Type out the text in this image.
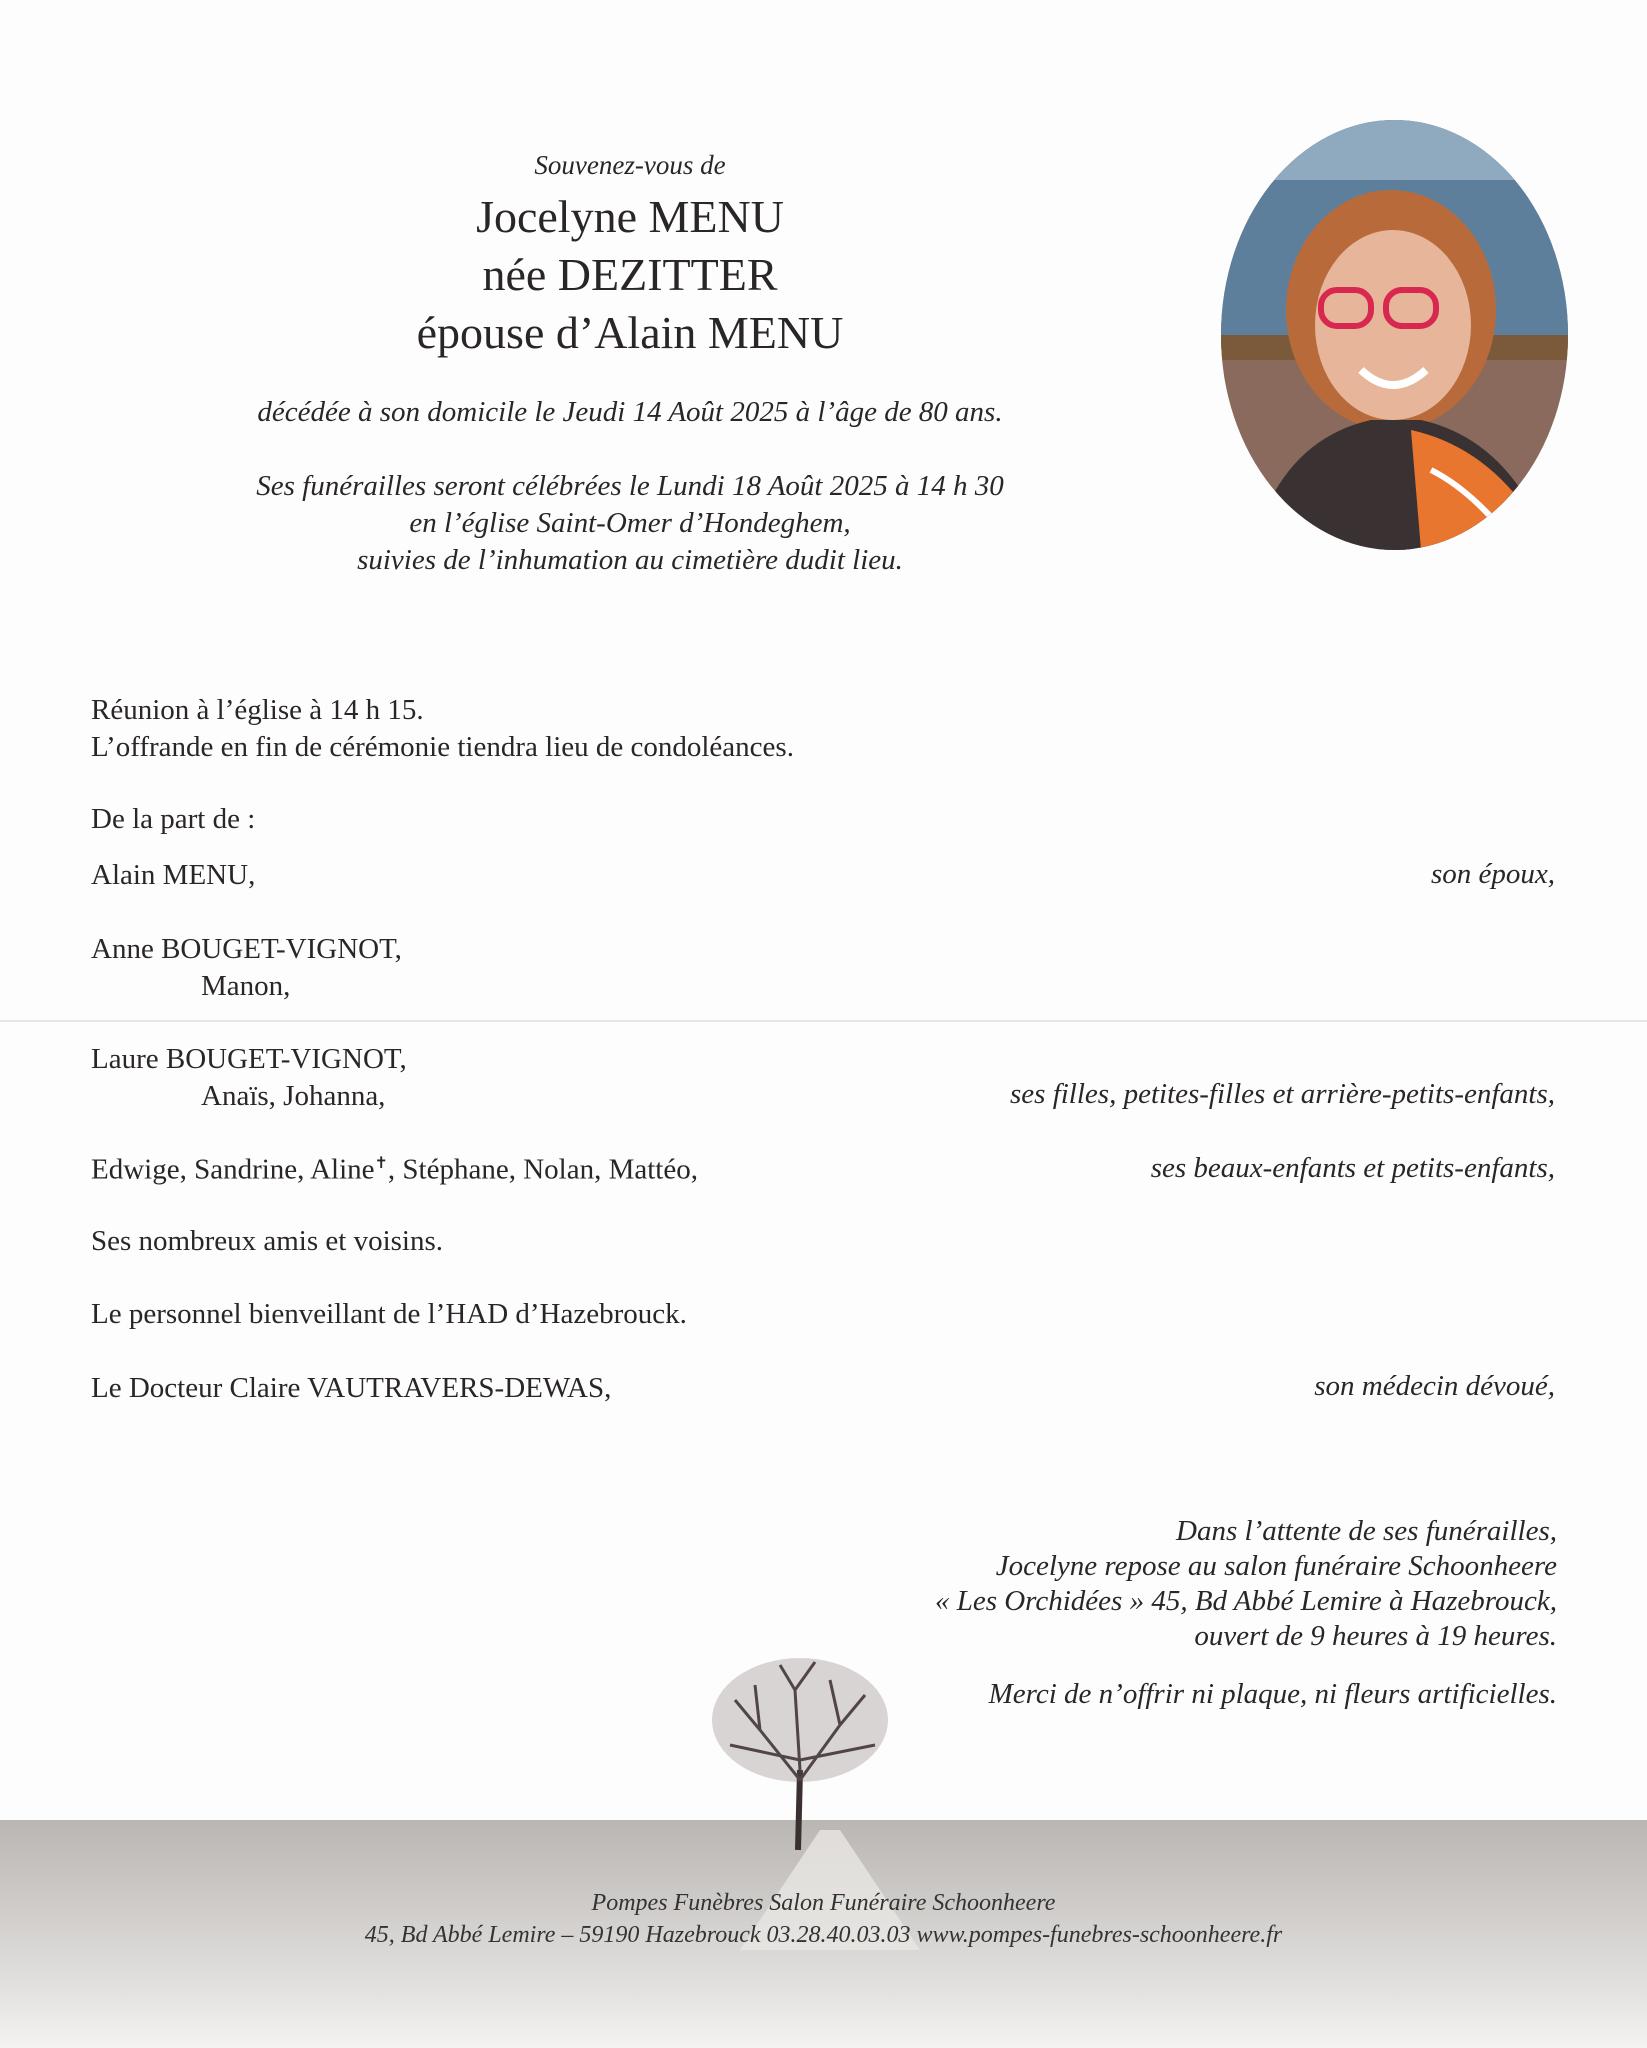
Souvenez-vous de
Jocelyne MENU
née DEZITTER
épouse d’Alain MENU
décédée à son domicile le Jeudi 14 Août 2025 à l’âge de 80 ans.
Ses funérailles seront célébrées le Lundi 18 Août 2025 à 14 h 30
en l’église Saint-Omer d’Hondeghem,
suivies de l’inhumation au cimetière dudit lieu.
Réunion à l’église à 14 h 15.
L’offrande en fin de cérémonie tiendra lieu de condoléances.
De la part de :
Alain MENU,	son époux,
Anne BOUGET-VIGNOT,
Manon,
Laure BOUGET-VIGNOT,
Anaïs, Johanna,	ses filles, petites-filles et arrière-petits-enfants,
Edwige, Sandrine, Aline✝, Stéphane, Nolan, Mattéo,	ses beaux-enfants et petits-enfants,
Ses nombreux amis et voisins.
Le personnel bienveillant de l’HAD d’Hazebrouck.
Le Docteur Claire VAUTRAVERS-DEWAS,	son médecin dévoué,
Dans l’attente de ses funérailles,
Jocelyne repose au salon funéraire Schoonheere
« Les Orchidées » 45, Bd Abbé Lemire à Hazebrouck,
ouvert de 9 heures à 19 heures.
Merci de n’offrir ni plaque, ni fleurs artificielles.
Pompes Funèbres Salon Funéraire Schoonheere
45, Bd Abbé Lemire – 59190 Hazebrouck 03.28.40.03.03 www.pompes-funebres-schoonheere.fr
